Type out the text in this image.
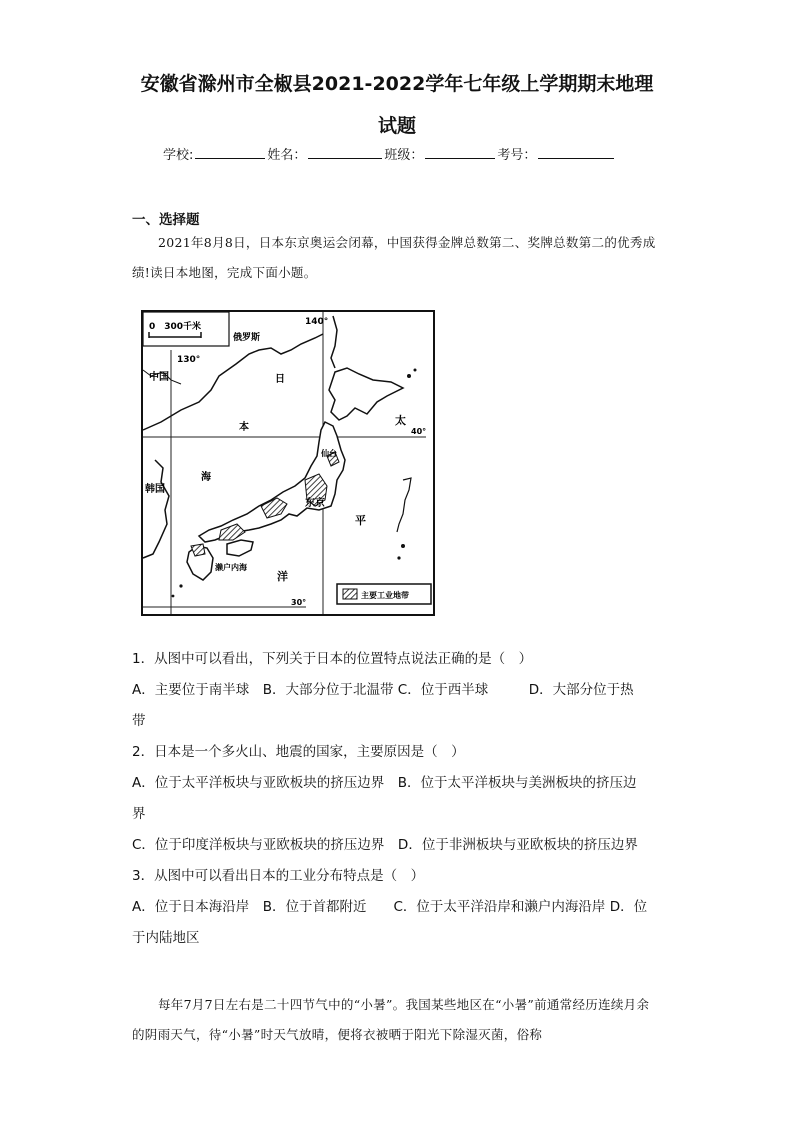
安徽省滁州市全椒县2021-2022学年七年级上学期期末地理
试题
学校:	姓名：	班级：	考号：
一、选择题
2021年8月8日，日本东京奥运会闭幕，中国获得金牌总数第二、奖牌总数第二的优秀成绩!读日本地图，完成下面小题。
0　300千米
俄罗斯
中国
韩国
日
本
海
太
平
洋
东京
仙台
濑户内海
140°
130°
40°
30°
主要工业地带
1．从图中可以看出，下列关于日本的位置特点说法正确的是（　）
A．主要位于南半球　B．大部分位于北温带 C．位于西半球　　　D．大部分位于热
带
2．日本是一个多火山、地震的国家，主要原因是（　）
A．位于太平洋板块与亚欧板块的挤压边界　B．位于太平洋板块与美洲板块的挤压边
界
C．位于印度洋板块与亚欧板块的挤压边界　D．位于非洲板块与亚欧板块的挤压边界
3．从图中可以看出日本的工业分布特点是（　）
A．位于日本海沿岸　B．位于首都附近　　C．位于太平洋沿岸和濑户内海沿岸 D．位
于内陆地区
每年7月7日左右是二十四节气中的“小暑”。我国某些地区在“小暑”前通常经历连续月余的阴雨天气，待“小暑”时天气放晴，便将衣被晒于阳光下除湿灭菌，俗称
